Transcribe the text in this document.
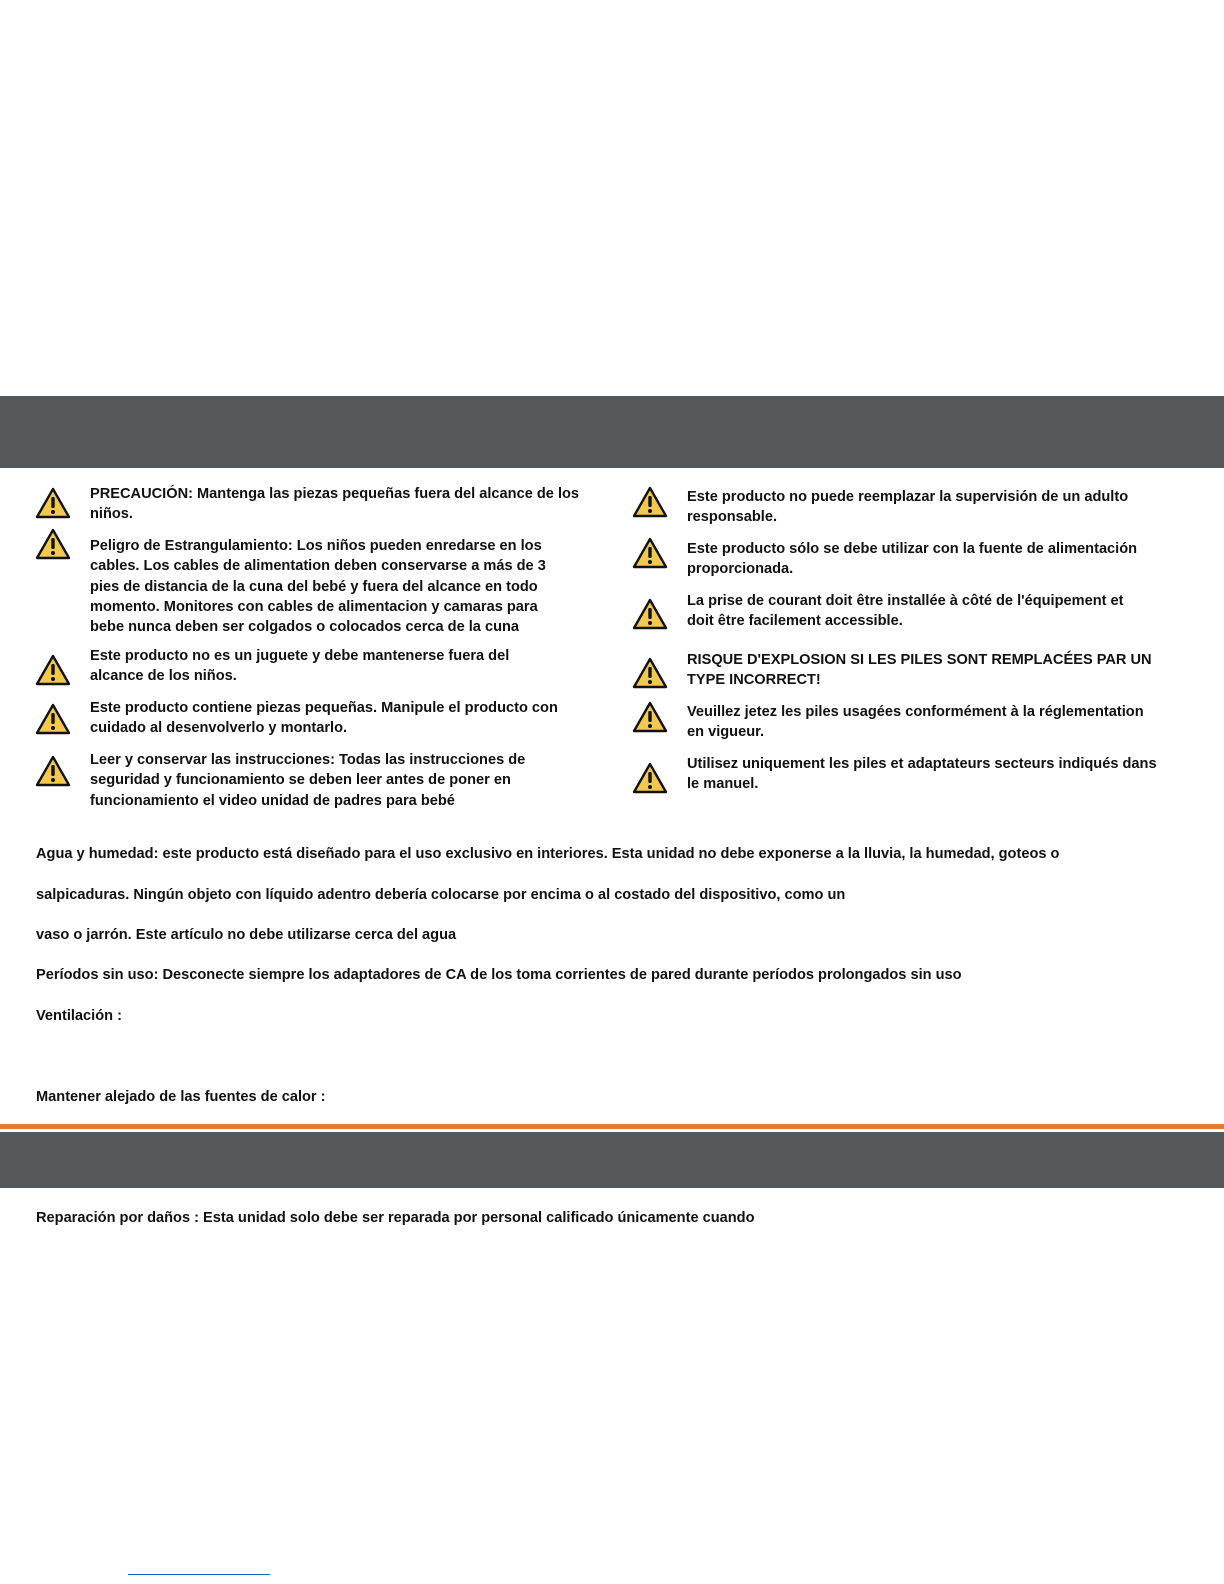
PRECAUCIÓN: Mantenga las piezas pequeñas fuera del alcance de los
niños.
Peligro de Estrangulamiento: Los niños pueden enredarse en los
cables. Los cables de alimentation deben conservarse a más de 3
pies de distancia de la cuna del bebé y fuera del alcance en todo
momento. Monitores con cables de alimentacion y camaras para
bebe nunca deben ser colgados o colocados cerca de la cuna
Este producto no es un juguete y debe mantenerse fuera del
alcance de los niños.
Este producto contiene piezas pequeñas. Manipule el producto con
cuidado al desenvolverlo y montarlo.
Leer y conservar las instrucciones: Todas las instrucciones de
seguridad y funcionamiento se deben leer antes de poner en
funcionamiento el video unidad de padres para bebé
Este producto no puede reemplazar la supervisión de un adulto
responsable.
Este producto sólo se debe utilizar con la fuente de alimentación
proporcionada.
La prise de courant doit être installée à côté de l'équipement et
doit être facilement accessible.
RISQUE D'EXPLOSION SI LES PILES SONT REMPLACÉES PAR UN
TYPE INCORRECT!
Veuillez jetez les piles usagées conformément à la réglementation
en vigueur.
Utilisez uniquement les piles et adaptateurs secteurs indiqués dans
le manuel.

Agua y humedad: este producto está diseñado para el uso exclusivo en interiores. Esta unidad no debe exponerse a la lluvia, la humedad, goteos o

salpicaduras. Ningún objeto con líquido adentro debería colocarse por encima o al costado del dispositivo, como un

vaso o jarrón. Este artículo no debe utilizarse cerca del agua

Períodos sin uso: Desconecte siempre los adaptadores de CA de los toma corrientes de pared durante períodos prolongados sin uso

Ventilación :

Mantener alejado de las fuentes de calor :

Reparación por daños : Esta unidad solo debe ser reparada por personal calificado únicamente cuando
